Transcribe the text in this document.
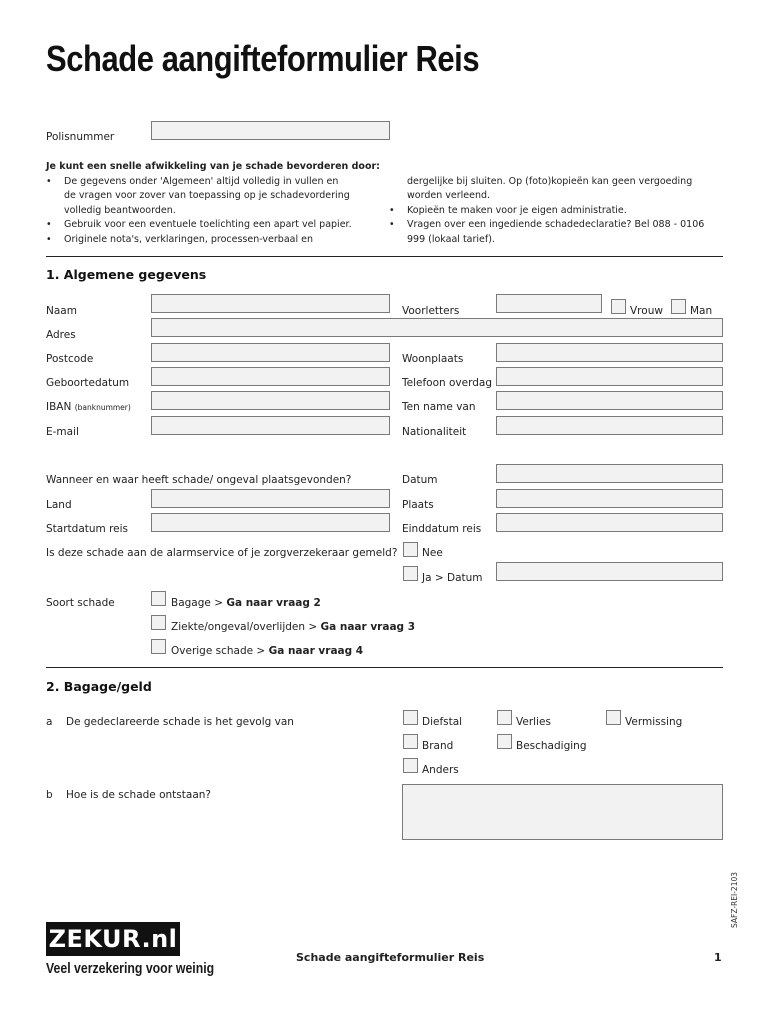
Schade aangifteformulier Reis
Polisnummer
Je kunt een snelle afwikkeling van je schade bevorderen door:
• De gegevens onder 'Algemeen' altijd volledig in vullen en
de vragen voor zover van toepassing op je schadevordering
volledig beantwoorden.
• Gebruik voor een eventuele toelichting een apart vel papier.
• Originele nota's, verklaringen, processen-verbaal en
dergelijke bij sluiten. Op (foto)kopieën kan geen vergoeding
worden verleend.
• Kopieën te maken voor je eigen administratie.
• Vragen over een ingediende schadedeclaratie? Bel 088 - 0106
999 (lokaal tarief).
1. Algemene gegevens
Naam	Voorletters	Vrouw	Man
Adres
Postcode	Woonplaats
Geboortedatum	Telefoon overdag
IBAN (banknummer)	Ten name van
E-mail	Nationaliteit
Wanneer en waar heeft schade/ ongeval plaatsgevonden?	Datum
Land	Plaats
Startdatum reis	Einddatum reis
Is deze schade aan de alarmservice of je zorgverzekeraar gemeld? Nee
Ja > Datum
Soort schade	Bagage > Ga naar vraag 2
Ziekte/ongeval/overlijden > Ga naar vraag 3
Overige schade > Ga naar vraag 4
2. Bagage/geld
a De gedeclareerde schade is het gevolg van	Diefstal	Verlies	Vermissing
Brand	Beschadiging
Anders
b Hoe is de schade ontstaan?
SAFZ-REI-2103
ZEKUR.nl
Veel verzekering voor weinig
Schade aangifteformulier Reis	1
